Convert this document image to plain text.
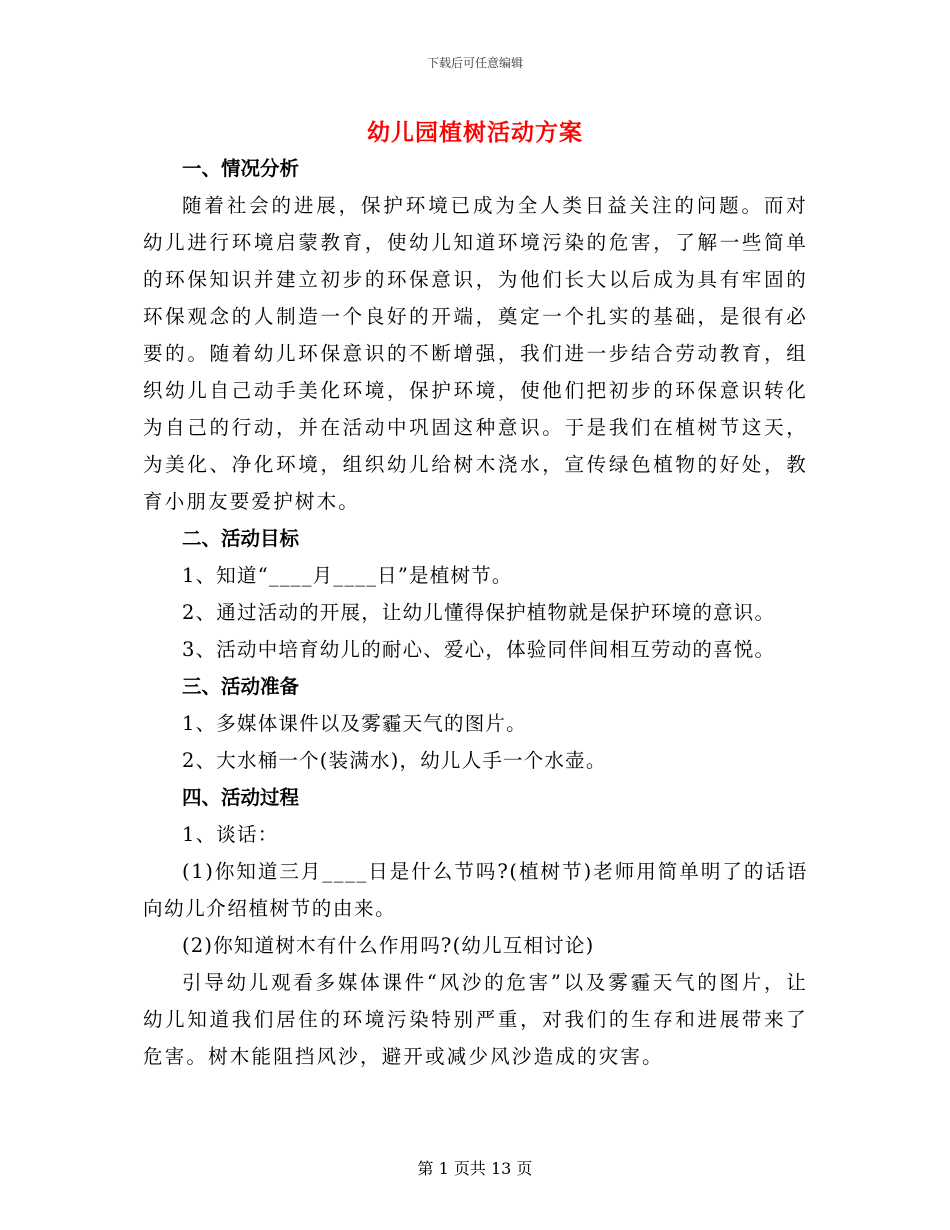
下载后可任意编辑
幼儿园植树活动方案

一、情况分析

随着社会的进展，保护环境已成为全人类日益关注的问题。而对幼儿进行环境启蒙教育，使幼儿知道环境污染的危害，了解一些简单的环保知识并建立初步的环保意识，为他们长大以后成为具有牢固的环保观念的人制造一个良好的开端，奠定一个扎实的基础，是很有必要的。随着幼儿环保意识的不断增强，我们进一步结合劳动教育，组织幼儿自己动手美化环境，保护环境，使他们把初步的环保意识转化为自己的行动，并在活动中巩固这种意识。于是我们在植树节这天，为美化、净化环境，组织幼儿给树木浇水，宣传绿色植物的好处，教育小朋友要爱护树木。

二、活动目标

1、知道“____月____日”是植树节。

2、通过活动的开展，让幼儿懂得保护植物就是保护环境的意识。

3、活动中培育幼儿的耐心、爱心，体验同伴间相互劳动的喜悦。

三、活动准备

1、多媒体课件以及雾霾天气的图片。

2、大水桶一个(装满水)，幼儿人手一个水壶。

四、活动过程

1、谈话：

(1)你知道三月____日是什么节吗?(植树节)老师用简单明了的话语向幼儿介绍植树节的由来。

(2)你知道树木有什么作用吗?(幼儿互相讨论)

引导幼儿观看多媒体课件“风沙的危害”以及雾霾天气的图片，让幼儿知道我们居住的环境污染特别严重，对我们的生存和进展带来了危害。树木能阻挡风沙，避开或减少风沙造成的灾害。

第 1 页共 13 页
